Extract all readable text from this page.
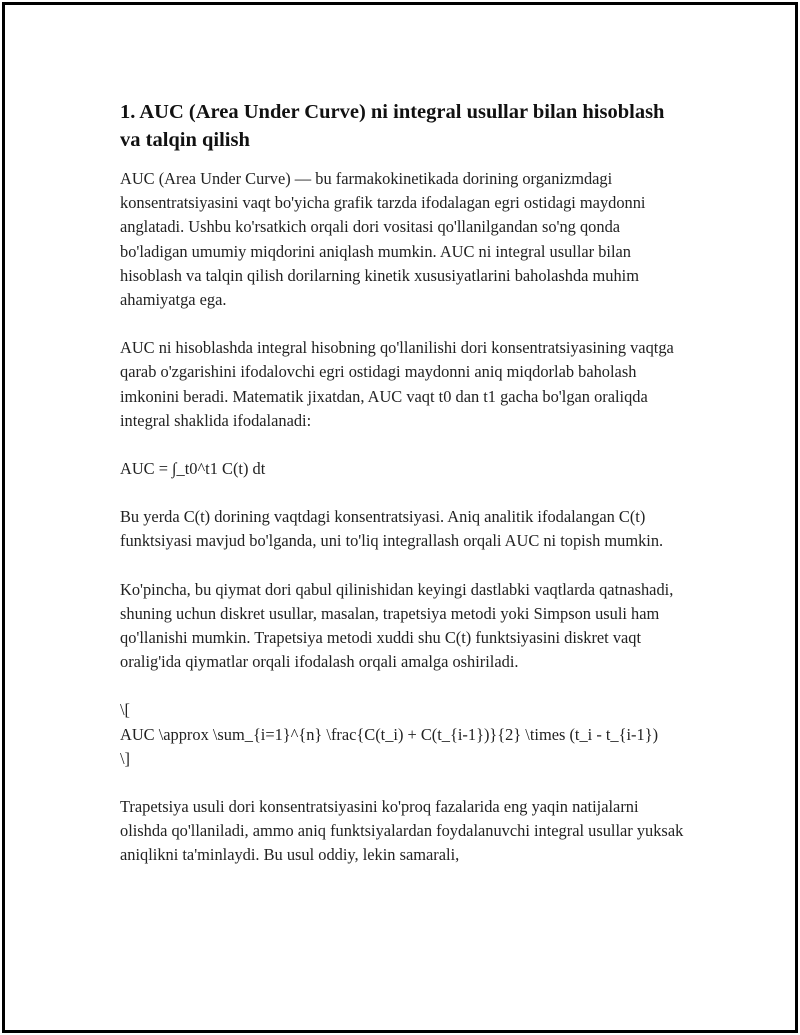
1. AUC (Area Under Curve) ni integral usullar bilan hisoblash va talqin qilish

AUC (Area Under Curve) — bu farmakokinetikada dorining organizmdagi konsentratsiyasini vaqt bo'yicha grafik tarzda ifodalagan egri ostidagi maydonni anglatadi. Ushbu ko'rsatkich orqali dori vositasi qo'llanilgandan so'ng qonda bo'ladigan umumiy miqdorini aniqlash mumkin. AUC ni integral usullar bilan hisoblash va talqin qilish dorilarning kinetik xususiyatlarini baholashda muhim ahamiyatga ega.

AUC ni hisoblashda integral hisobning qo'llanilishi dori konsentratsiyasining vaqtga qarab o'zgarishini ifodalovchi egri ostidagi maydonni aniq miqdorlab baholash imkonini beradi. Matematik jixatdan, AUC vaqt t0 dan t1 gacha bo'lgan oraliqda integral shaklida ifodalanadi:

AUC = ∫_t0^t1 C(t) dt

Bu yerda C(t) dorining vaqtdagi konsentratsiyasi. Aniq analitik ifodalangan C(t) funktsiyasi mavjud bo'lganda, uni to'liq integrallash orqali AUC ni topish mumkin.

Ko'pincha, bu qiymat dori qabul qilinishidan keyingi dastlabki vaqtlarda qatnashadi, shuning uchun diskret usullar, masalan, trapetsiya metodi yoki Simpson usuli ham qo'llanishi mumkin. Trapetsiya metodi xuddi shu C(t) funktsiyasini diskret vaqt oralig'ida qiymatlar orqali ifodalash orqali amalga oshiriladi.

\[
AUC \approx \sum_{i=1}^{n} \frac{C(t_i) + C(t_{i-1})}{2} \times (t_i - t_{i-1})
\]

Trapetsiya usuli dori konsentratsiyasini ko'proq fazalarida eng yaqin natijalarni olishda qo'llaniladi, ammo aniq funktsiyalardan foydalanuvchi integral usullar yuksak aniqlikni ta'minlaydi. Bu usul oddiy, lekin samarali,
